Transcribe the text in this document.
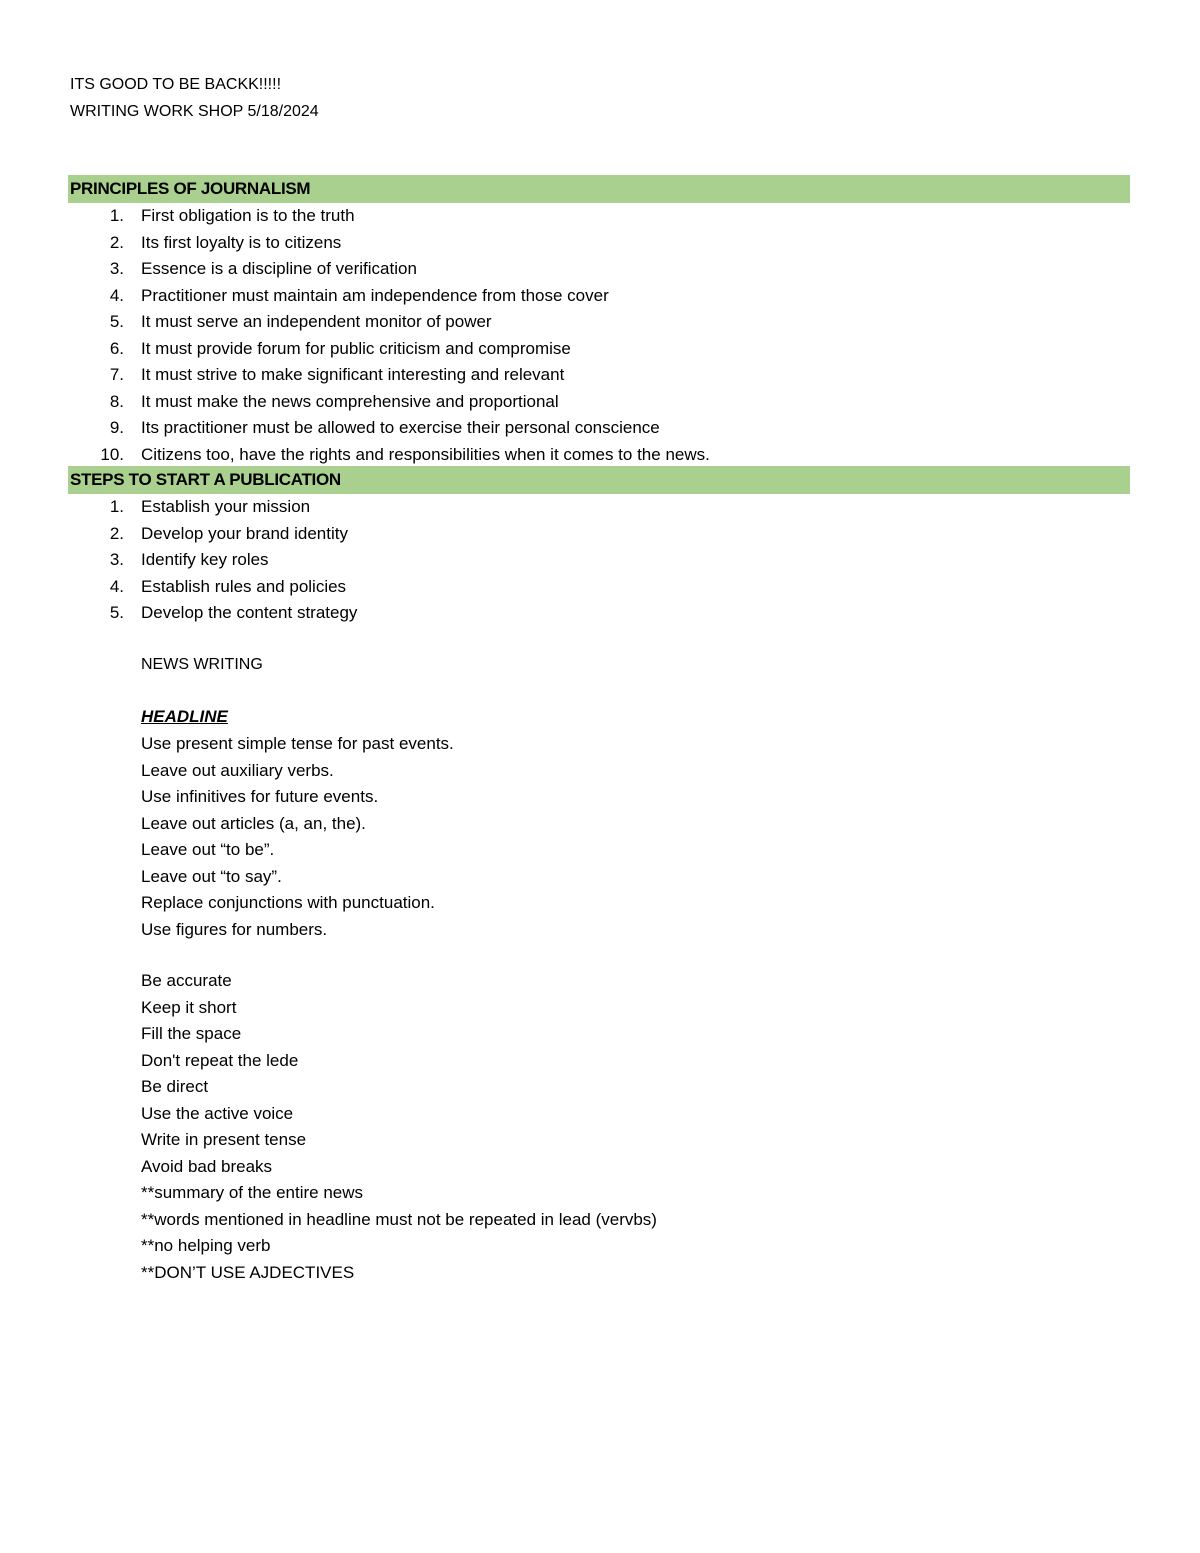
ITS GOOD TO BE BACKK!!!!!
WRITING WORK SHOP 5/18/2024
PRINCIPLES OF JOURNALISM
1. First obligation is to the truth
2. Its first loyalty is to citizens
3. Essence is a discipline of verification
4. Practitioner must maintain am independence from those cover
5. It must serve an independent monitor of power
6. It must provide forum for public criticism and compromise
7. It must strive to make significant interesting and relevant
8. It must make the news comprehensive and proportional
9. Its practitioner must be allowed to exercise their personal conscience
10. Citizens too, have the rights and responsibilities when it comes to the news.
STEPS TO START A PUBLICATION
1. Establish your mission
2. Develop your brand identity
3. Identify key roles
4. Establish rules and policies
5. Develop the content strategy
NEWS WRITING
HEADLINE
Use present simple tense for past events.
Leave out auxiliary verbs.
Use infinitives for future events.
Leave out articles (a, an, the).
Leave out “to be”.
Leave out “to say”.
Replace conjunctions with punctuation.
Use figures for numbers.
Be accurate
Keep it short
Fill the space
Don't repeat the lede
Be direct
Use the active voice
Write in present tense
Avoid bad breaks
**summary of the entire news
**words mentioned in headline must not be repeated in lead (vervbs)
**no helping verb
**DON’T USE AJDECTIVES
